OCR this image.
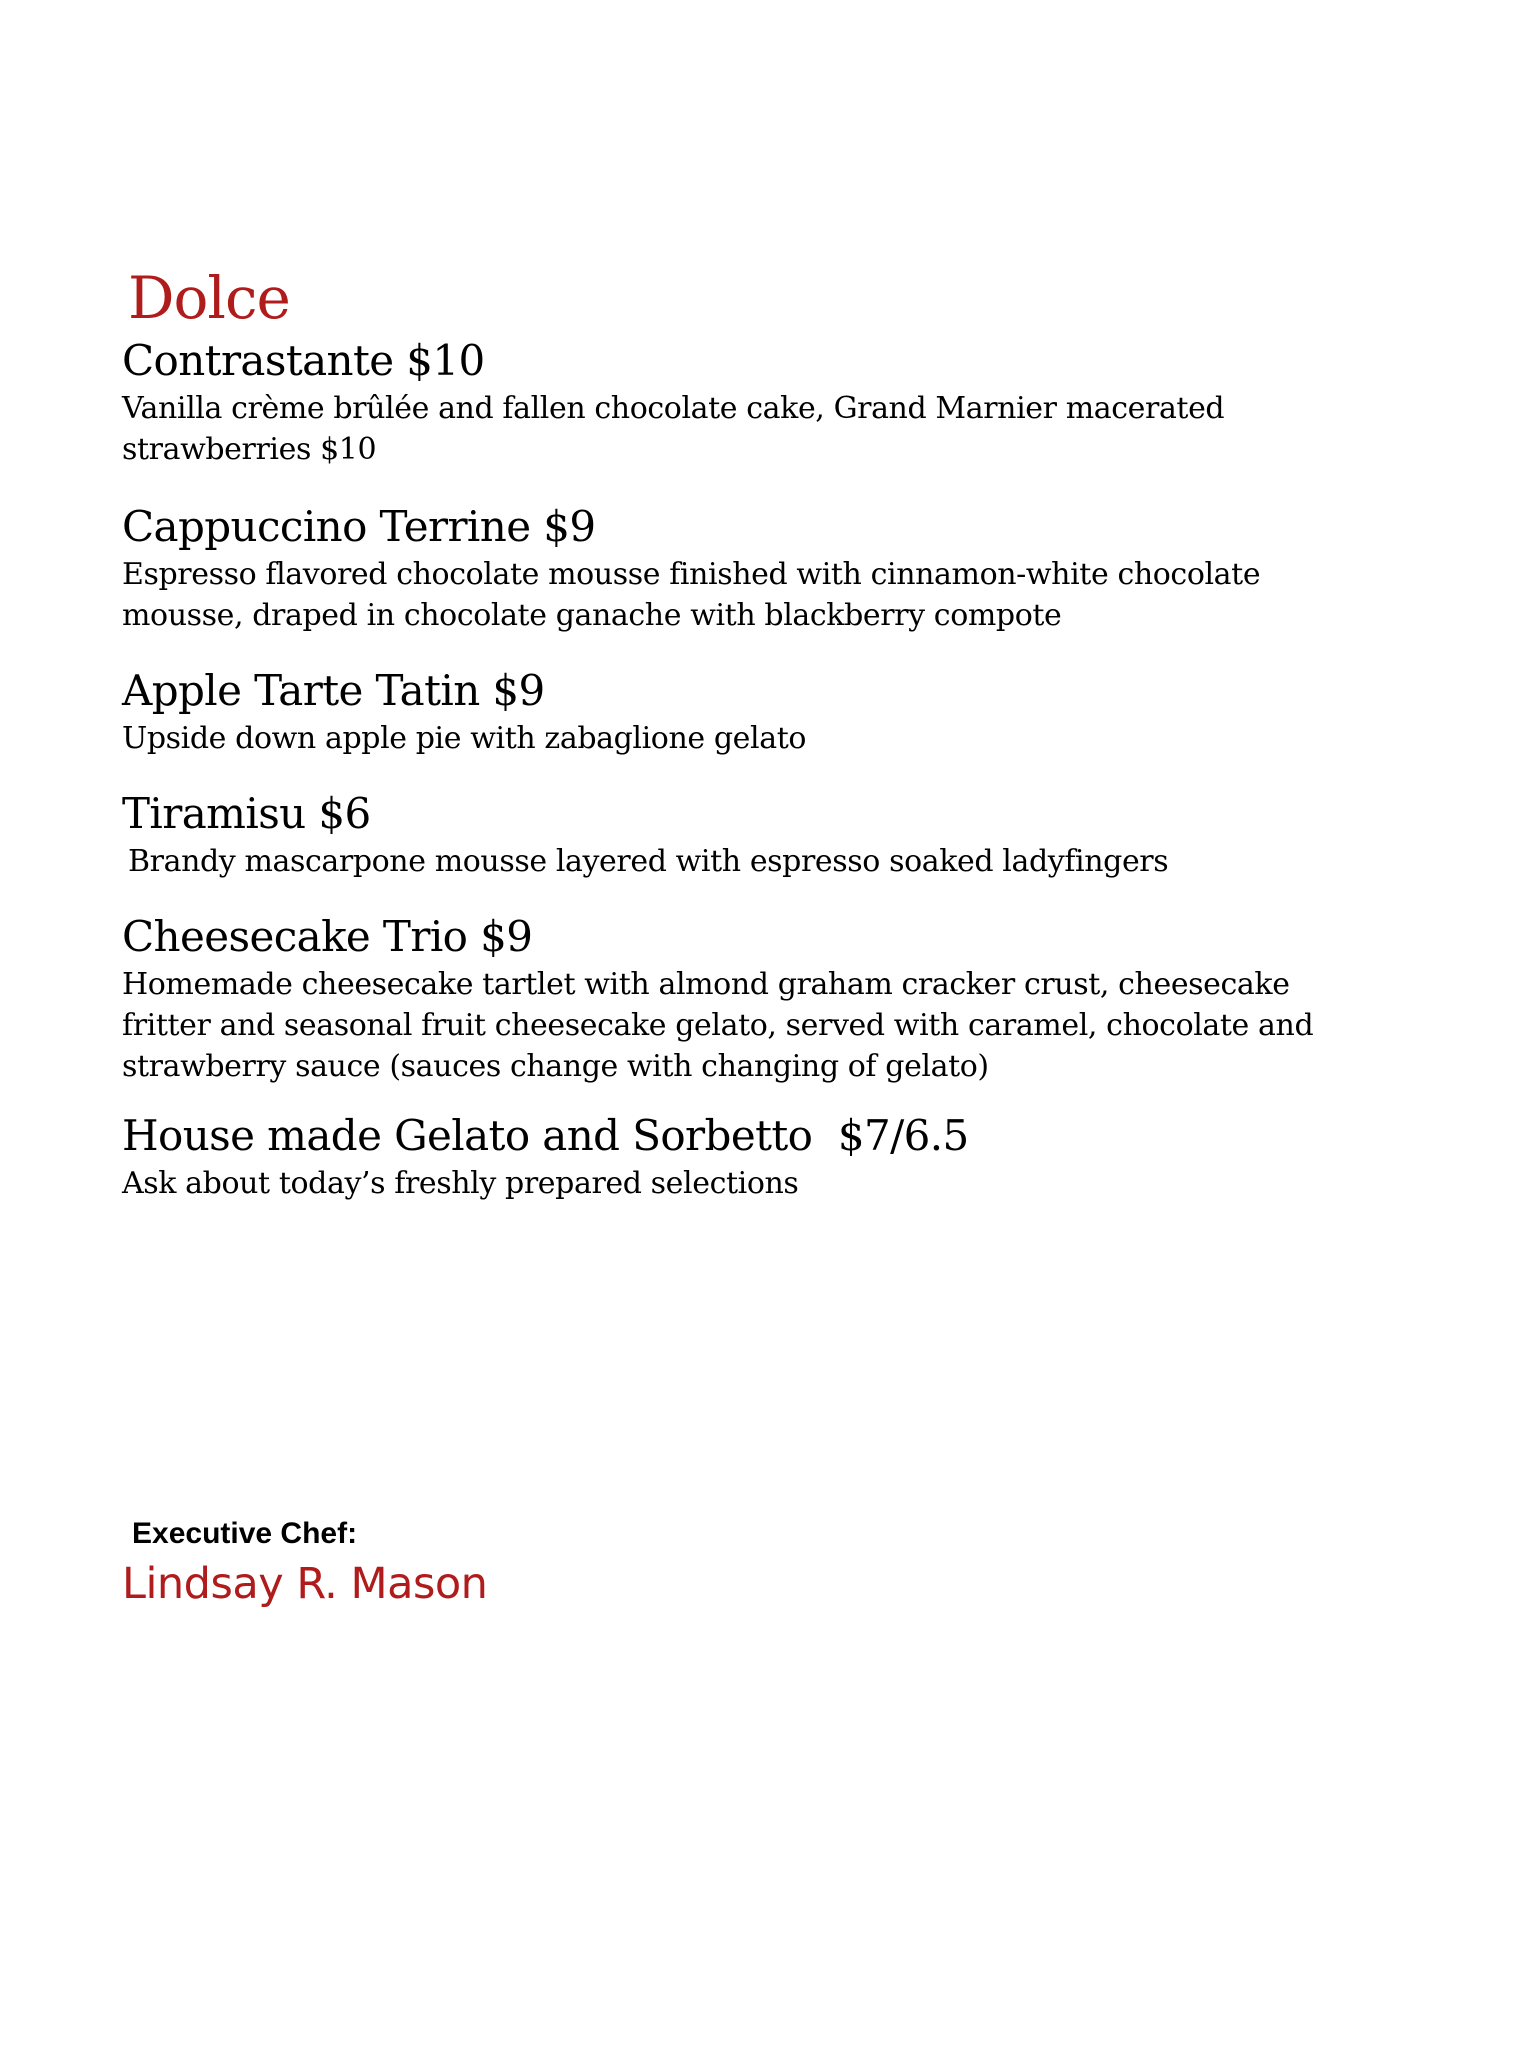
Dolce

Contrastante $10

Vanilla crème brûlée and fallen chocolate cake, Grand Marnier macerated
strawberries $10

Cappuccino Terrine $9

Espresso flavored chocolate mousse finished with cinnamon-white chocolate
mousse, draped in chocolate ganache with blackberry compote

Apple Tarte Tatin $9

Upside down apple pie with zabaglione gelato

Tiramisu $6

Brandy mascarpone mousse layered with espresso soaked ladyfingers

Cheesecake Trio $9

Homemade cheesecake tartlet with almond graham cracker crust, cheesecake
fritter and seasonal fruit cheesecake gelato, served with caramel, chocolate and
strawberry sauce (sauces change with changing of gelato)

House made Gelato and Sorbetto  $7/6.5

Ask about today’s freshly prepared selections

Executive Chef:

Lindsay R. Mason
